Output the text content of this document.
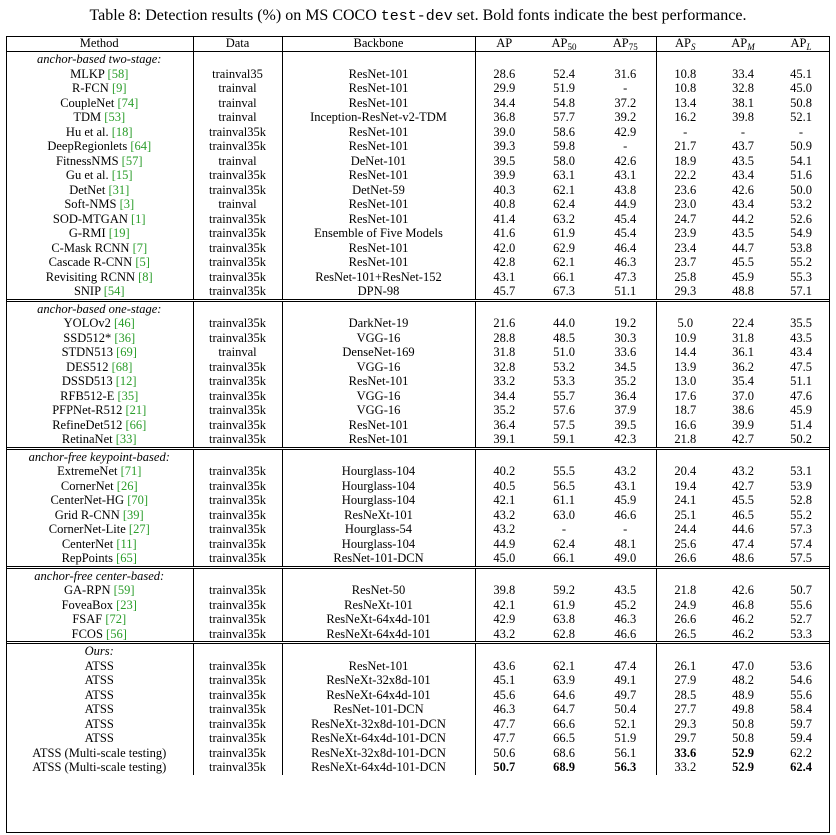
Table 8: Detection results (%) on MS COCO test-dev set. Bold fonts indicate the best performance.
Method	Data	Backbone	AP	$AP_{50}$	$AP_{75}$	$AP_S$	$AP_M$	$AP_L$
anchor-based two-stage:								
MLKP [58]	trainval35	ResNet-101	28.6	52.4	31.6	10.8	33.4	45.1
R-FCN [9]	trainval	ResNet-101	29.9	51.9	-	10.8	32.8	45.0
CoupleNet [74]	trainval	ResNet-101	34.4	54.8	37.2	13.4	38.1	50.8
TDM [53]	trainval	Inception-ResNet-v2-TDM	36.8	57.7	39.2	16.2	39.8	52.1
Hu et al. [18]	trainval35k	ResNet-101	39.0	58.6	42.9	-	-	-
DeepRegionlets [64]	trainval35k	ResNet-101	39.3	59.8	-	21.7	43.7	50.9
FitnessNMS [57]	trainval	DeNet-101	39.5	58.0	42.6	18.9	43.5	54.1
Gu et al. [15]	trainval35k	ResNet-101	39.9	63.1	43.1	22.2	43.4	51.6
DetNet [31]	trainval35k	DetNet-59	40.3	62.1	43.8	23.6	42.6	50.0
Soft-NMS [3]	trainval	ResNet-101	40.8	62.4	44.9	23.0	43.4	53.2
SOD-MTGAN [1]	trainval35k	ResNet-101	41.4	63.2	45.4	24.7	44.2	52.6
G-RMI [19]	trainval35k	Ensemble of Five Models	41.6	61.9	45.4	23.9	43.5	54.9
C-Mask RCNN [7]	trainval35k	ResNet-101	42.0	62.9	46.4	23.4	44.7	53.8
Cascade R-CNN [5]	trainval35k	ResNet-101	42.8	62.1	46.3	23.7	45.5	55.2
Revisiting RCNN [8]	trainval35k	ResNet-101+ResNet-152	43.1	66.1	47.3	25.8	45.9	55.3
SNIP [54]	trainval35k	DPN-98	45.7	67.3	51.1	29.3	48.8	57.1
anchor-based one-stage:								
YOLOv2 [46]	trainval35k	DarkNet-19	21.6	44.0	19.2	5.0	22.4	35.5
SSD512* [36]	trainval35k	VGG-16	28.8	48.5	30.3	10.9	31.8	43.5
STDN513 [69]	trainval	DenseNet-169	31.8	51.0	33.6	14.4	36.1	43.4
DES512 [68]	trainval35k	VGG-16	32.8	53.2	34.5	13.9	36.2	47.5
DSSD513 [12]	trainval35k	ResNet-101	33.2	53.3	35.2	13.0	35.4	51.1
RFB512-E [35]	trainval35k	VGG-16	34.4	55.7	36.4	17.6	37.0	47.6
PFPNet-R512 [21]	trainval35k	VGG-16	35.2	57.6	37.9	18.7	38.6	45.9
RefineDet512 [66]	trainval35k	ResNet-101	36.4	57.5	39.5	16.6	39.9	51.4
RetinaNet [33]	trainval35k	ResNet-101	39.1	59.1	42.3	21.8	42.7	50.2
anchor-free keypoint-based:								
ExtremeNet [71]	trainval35k	Hourglass-104	40.2	55.5	43.2	20.4	43.2	53.1
CornerNet [26]	trainval35k	Hourglass-104	40.5	56.5	43.1	19.4	42.7	53.9
CenterNet-HG [70]	trainval35k	Hourglass-104	42.1	61.1	45.9	24.1	45.5	52.8
Grid R-CNN [39]	trainval35k	ResNeXt-101	43.2	63.0	46.6	25.1	46.5	55.2
CornerNet-Lite [27]	trainval35k	Hourglass-54	43.2	-	-	24.4	44.6	57.3
CenterNet [11]	trainval35k	Hourglass-104	44.9	62.4	48.1	25.6	47.4	57.4
RepPoints [65]	trainval35k	ResNet-101-DCN	45.0	66.1	49.0	26.6	48.6	57.5
anchor-free center-based:								
GA-RPN [59]	trainval35k	ResNet-50	39.8	59.2	43.5	21.8	42.6	50.7
FoveaBox [23]	trainval35k	ResNeXt-101	42.1	61.9	45.2	24.9	46.8	55.6
FSAF [72]	trainval35k	ResNeXt-64x4d-101	42.9	63.8	46.3	26.6	46.2	52.7
FCOS [56]	trainval35k	ResNeXt-64x4d-101	43.2	62.8	46.6	26.5	46.2	53.3
Ours:								
ATSS	trainval35k	ResNet-101	43.6	62.1	47.4	26.1	47.0	53.6
ATSS	trainval35k	ResNeXt-32x8d-101	45.1	63.9	49.1	27.9	48.2	54.6
ATSS	trainval35k	ResNeXt-64x4d-101	45.6	64.6	49.7	28.5	48.9	55.6
ATSS	trainval35k	ResNet-101-DCN	46.3	64.7	50.4	27.7	49.8	58.4
ATSS	trainval35k	ResNeXt-32x8d-101-DCN	47.7	66.6	52.1	29.3	50.8	59.7
ATSS	trainval35k	ResNeXt-64x4d-101-DCN	47.7	66.5	51.9	29.7	50.8	59.4
ATSS (Multi-scale testing)	trainval35k	ResNeXt-32x8d-101-DCN	50.6	68.6	56.1	33.6	52.9	62.2
ATSS (Multi-scale testing)	trainval35k	ResNeXt-64x4d-101-DCN	50.7	68.9	56.3	33.2	52.9	62.4
